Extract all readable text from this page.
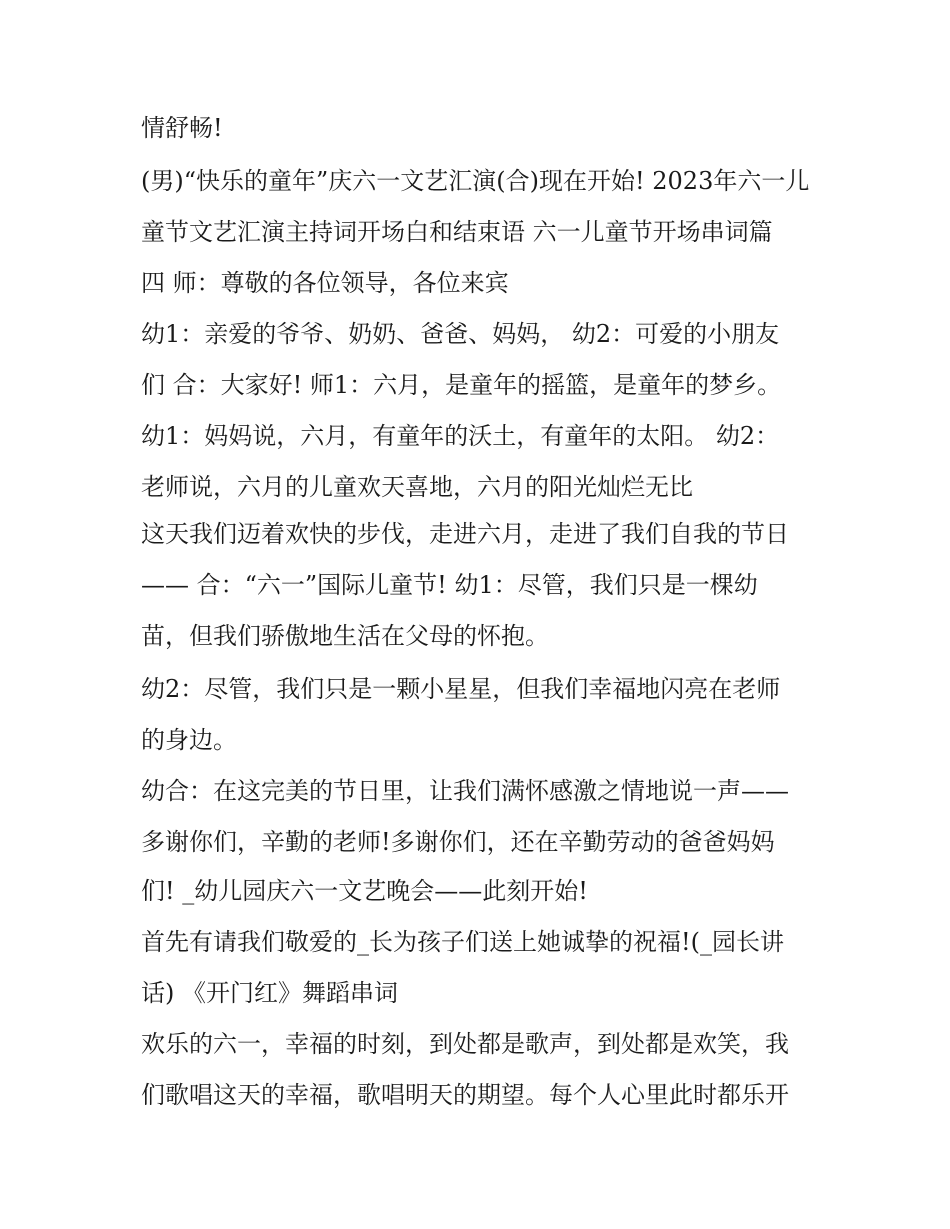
情舒畅!
(男)“快乐的童年”庆六一文艺汇演(合)现在开始! 2023年六一儿
童节文艺汇演主持词开场白和结束语 六一儿童节开场串词篇
四 师：尊敬的各位领导，各位来宾
幼1：亲爱的爷爷、奶奶、爸爸、妈妈， 幼2：可爱的小朋友
们 合：大家好! 师1：六月，是童年的摇篮，是童年的梦乡。
幼1：妈妈说，六月，有童年的沃土，有童年的太阳。 幼2：
老师说，六月的儿童欢天喜地，六月的阳光灿烂无比
这天我们迈着欢快的步伐，走进六月，走进了我们自我的节日
—— 合：“六一”国际儿童节! 幼1：尽管，我们只是一棵幼
苗，但我们骄傲地生活在父母的怀抱。
幼2：尽管，我们只是一颗小星星，但我们幸福地闪亮在老师
的身边。
幼合：在这完美的节日里，让我们满怀感激之情地说一声——
多谢你们，辛勤的老师!多谢你们，还在辛勤劳动的爸爸妈妈
们! _幼儿园庆六一文艺晚会——此刻开始!
首先有请我们敬爱的_长为孩子们送上她诚挚的祝福!(_园长讲
话) 《开门红》舞蹈串词
欢乐的六一，幸福的时刻，到处都是歌声，到处都是欢笑，我
们歌唱这天的幸福，歌唱明天的期望。每个人心里此时都乐开
